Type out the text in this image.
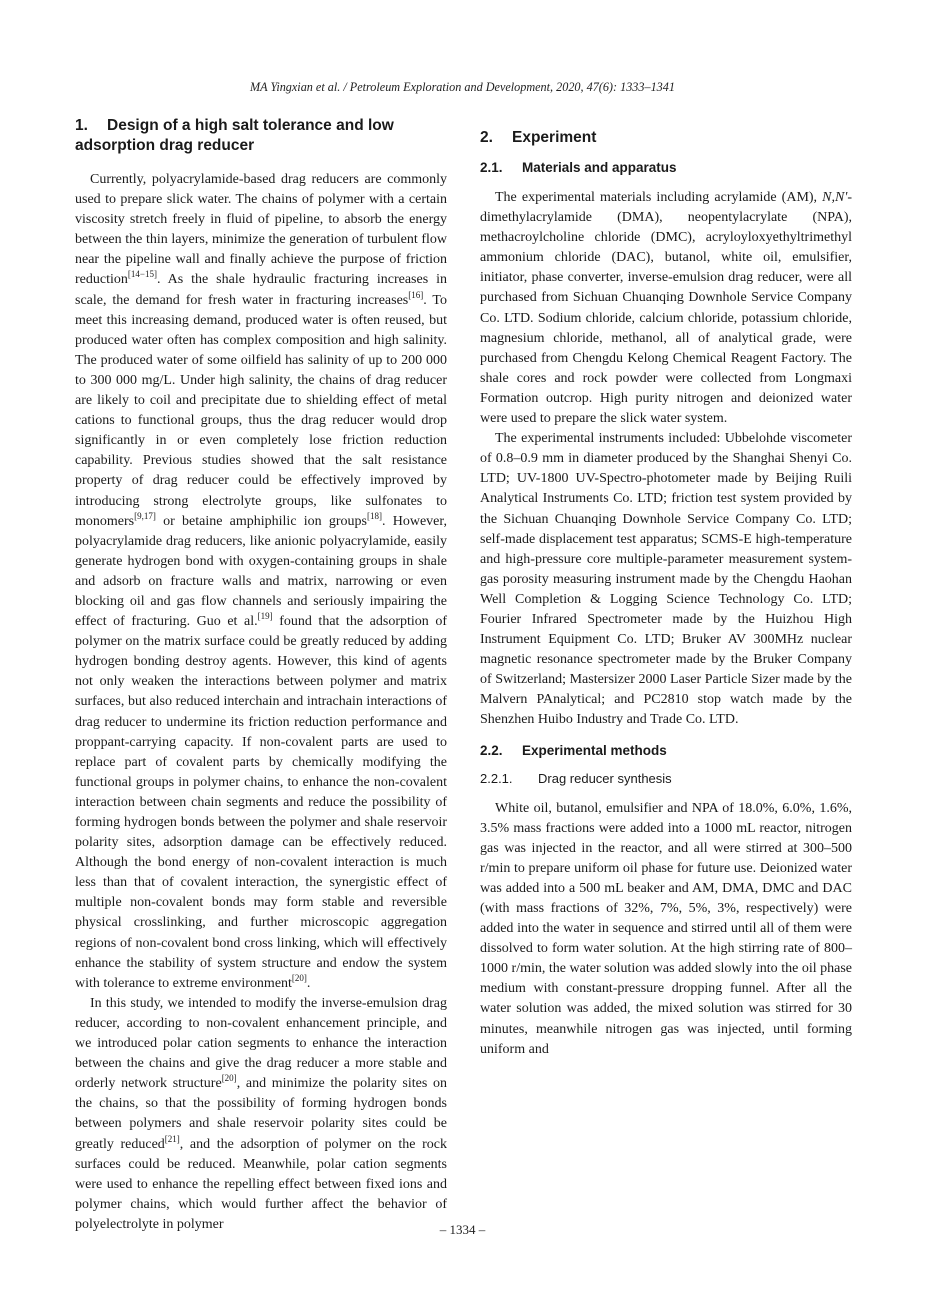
MA Yingxian et al. / Petroleum Exploration and Development, 2020, 47(6): 1333–1341
1. Design of a high salt tolerance and low adsorption drag reducer

Currently, polyacrylamide-based drag reducers are commonly used to prepare slick water. The chains of polymer with a certain viscosity stretch freely in fluid of pipeline, to absorb the energy between the thin layers, minimize the generation of turbulent flow near the pipeline wall and finally achieve the purpose of friction reduction[14−15]. As the shale hydraulic fracturing increases in scale, the demand for fresh water in fracturing increases[16]. To meet this increasing demand, produced water is often reused, but produced water often has complex composition and high salinity. The produced water of some oilfield has salinity of up to 200 000 to 300 000 mg/L. Under high salinity, the chains of drag reducer are likely to coil and precipitate due to shielding effect of metal cations to functional groups, thus the drag reducer would drop significantly in or even completely lose friction reduction capability. Previous studies showed that the salt resistance property of drag reducer could be effectively improved by introducing strong electrolyte groups, like sulfonates to monomers[9,17] or betaine amphiphilic ion groups[18]. However, polyacrylamide drag reducers, like anionic polyacrylamide, easily generate hydrogen bond with oxygen-containing groups in shale and adsorb on fracture walls and matrix, narrowing or even blocking oil and gas flow channels and seriously impairing the effect of fracturing. Guo et al.[19] found that the adsorption of polymer on the matrix surface could be greatly reduced by adding hydrogen bonding destroy agents. However, this kind of agents not only weaken the interactions between polymer and matrix surfaces, but also reduced interchain and intrachain interactions of drag reducer to undermine its friction reduction performance and proppant-carrying capacity. If non-covalent parts are used to replace part of covalent parts by chemically modifying the functional groups in polymer chains, to enhance the non-covalent interaction between chain segments and reduce the possibility of forming hydrogen bonds between the polymer and shale reservoir polarity sites, adsorption damage can be effectively reduced. Although the bond energy of non-covalent interaction is much less than that of covalent interaction, the synergistic effect of multiple non-covalent bonds may form stable and reversible physical crosslinking, and further microscopic aggregation regions of non-covalent bond cross linking, which will effectively enhance the stability of system structure and endow the system with tolerance to extreme environment[20].

In this study, we intended to modify the inverse-emulsion drag reducer, according to non-covalent enhancement principle, and we introduced polar cation segments to enhance the interaction between the chains and give the drag reducer a more stable and orderly network structure[20], and minimize the polarity sites on the chains, so that the possibility of forming hydrogen bonds between polymers and shale reservoir polarity sites could be greatly reduced[21], and the adsorption of polymer on the rock surfaces could be reduced. Meanwhile, polar cation segments were used to enhance the repelling effect between fixed ions and polymer chains, which would further affect the behavior of polyelectrolyte in polymer

2. Experiment
2.1. Materials and apparatus

The experimental materials including acrylamide (AM), N,N'-dimethylacrylamide (DMA), neopentylacrylate (NPA), methacroylcholine chloride (DMC), acryloyloxyethyltrimethyl ammonium chloride (DAC), butanol, white oil, emulsifier, initiator, phase converter, inverse-emulsion drag reducer, were all purchased from Sichuan Chuanqing Downhole Service Company Co. LTD. Sodium chloride, calcium chloride, potassium chloride, magnesium chloride, methanol, all of analytical grade, were purchased from Chengdu Kelong Chemical Reagent Factory. The shale cores and rock powder were collected from Longmaxi Formation outcrop. High purity nitrogen and deionized water were used to prepare the slick water system.

The experimental instruments included: Ubbelohde viscometer of 0.8–0.9 mm in diameter produced by the Shanghai Shenyi Co. LTD; UV-1800 UV-Spectro-photometer made by Beijing Ruili Analytical Instruments Co. LTD; friction test system provided by the Sichuan Chuanqing Downhole Service Company Co. LTD; self-made displacement test apparatus; SCMS-E high-temperature and high-pressure core multiple-parameter measurement system-gas porosity measuring instrument made by the Chengdu Haohan Well Completion & Logging Science Technology Co. LTD; Fourier Infrared Spectrometer made by the Huizhou High Instrument Equipment Co. LTD; Bruker AV 300MHz nuclear magnetic resonance spectrometer made by the Bruker Company of Switzerland; Mastersizer 2000 Laser Particle Sizer made by the Malvern PAnalytical; and PC2810 stop watch made by the Shenzhen Huibo Industry and Trade Co. LTD.

2.2. Experimental methods
2.2.1. Drag reducer synthesis

White oil, butanol, emulsifier and NPA of 18.0%, 6.0%, 1.6%, 3.5% mass fractions were added into a 1000 mL reactor, nitrogen gas was injected in the reactor, and all were stirred at 300–500 r/min to prepare uniform oil phase for future use. Deionized water was added into a 500 mL beaker and AM, DMA, DMC and DAC (with mass fractions of 32%, 7%, 5%, 3%, respectively) were added into the water in sequence and stirred until all of them were dissolved to form water solution. At the high stirring rate of 800–1000 r/min, the water solution was added slowly into the oil phase medium with constant-pressure dropping funnel. After all the water solution was added, the mixed solution was stirred for 30 minutes, meanwhile nitrogen gas was injected, until forming uniform and

– 1334 –
